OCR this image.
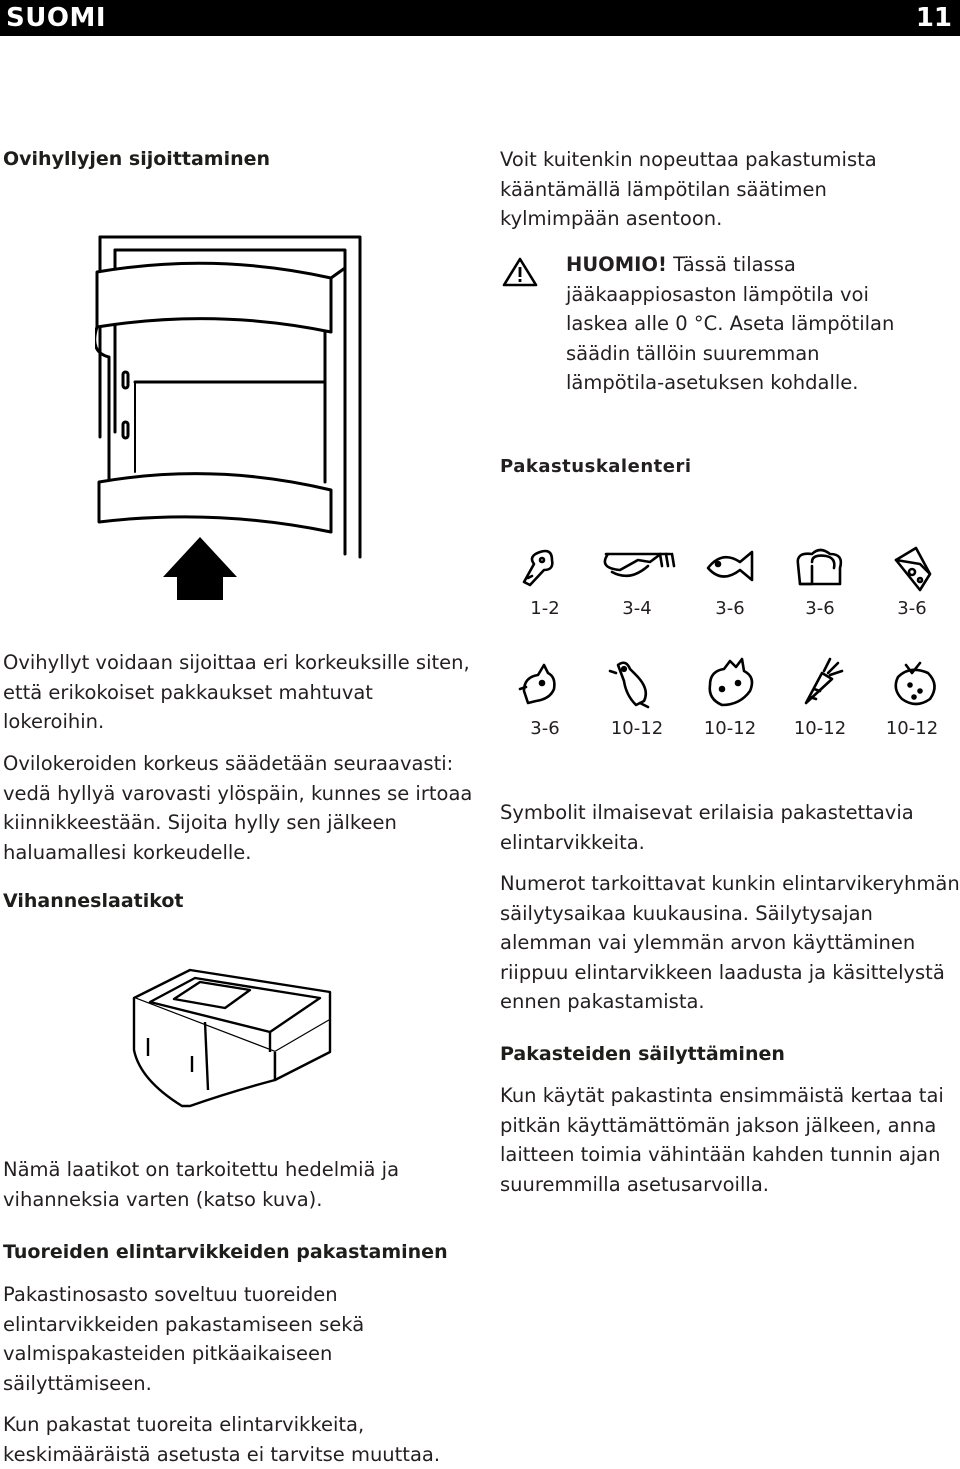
SUOMI	11
Ovihyllyjen sijoittaminen

Ovihyllyt voidaan sijoittaa eri korkeuksille siten, että erikokoiset pakkaukset mahtuvat lokeroihin.

Ovilokeroiden korkeus säädetään seuraavasti: vedä hyllyä varovasti ylöspäin, kunnes se irtoaa kiinnikkeestään. Sijoita hylly sen jälkeen haluamallesi korkeudelle.

Vihanneslaatikot

Nämä laatikot on tarkoitettu hedelmiä ja vihanneksia varten (katso kuva).

Tuoreiden elintarvikkeiden pakastaminen

Pakastinosasto soveltuu tuoreiden elintarvikkeiden pakastamiseen sekä valmispakasteiden pitkäaikaiseen säilyttämiseen.

Kun pakastat tuoreita elintarvikkeita, keskimääräistä asetusta ei tarvitse muuttaa.

Voit kuitenkin nopeuttaa pakastumista kääntämällä lämpötilan säätimen kylmimpään asentoon.

HUOMIO! Tässä tilassa jääkaappiosaston lämpötila voi laskea alle 0 °C. Aseta lämpötilan säädin tällöin suuremman lämpötila-asetuksen kohdalle.

Pakastuskalenteri
1-2	3-4	3-6	3-6	3-6
3-6	10-12 10-12 10-12 10-12

Symbolit ilmaisevat erilaisia pakastettavia elintarvikkeita.

Numerot tarkoittavat kunkin elintarvikeryhmän säilytysaikaa kuukausina. Säilytysajan alemman vai ylemmän arvon käyttäminen riippuu elintarvikkeen laadusta ja käsittelystä ennen pakastamista.

Pakasteiden säilyttäminen

Kun käytät pakastinta ensimmäistä kertaa tai pitkän käyttämättömän jakson jälkeen, anna laitteen toimia vähintään kahden tunnin ajan suuremmilla asetusarvoilla.
